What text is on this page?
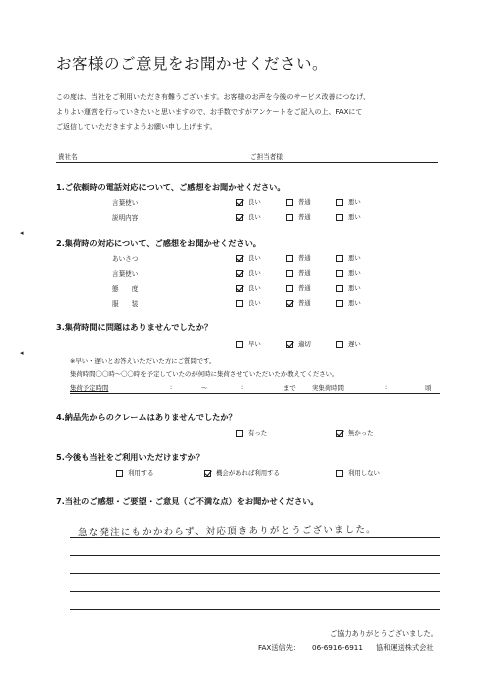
お客様のご意見をお聞かせください。
この度は、当社をご利用いただき有難うございます。お客様のお声を今後のサービス改善につなげ、
よりよい運営を行っていきたいと思いますので、お手数ですがアンケートをご記入の上、FAXにて
ご返信していただきますようお願い申し上げます。
貴社名	ご担当者様
1.ご依頼時の電話対応について、ご感想をお聞かせください。
言葉使い	良い	普通	悪い
説明内容	良い	普通	悪い
2.集荷時の対応について、ご感想をお聞かせください。
あいさつ	良い	普通	悪い
言葉使い	良い	普通	悪い
態　　度	良い	普通	悪い
服　　装	良い	普通	悪い
3.集荷時間に問題はありませんでしたか？
早い	適切	遅い
※早い・遅いとお答えいただいた方にご質問です。
集荷時間〇〇時～〇〇時を予定していたのが何時に集荷させていただいたか教えてください。
集荷予定時間	:	～	:	まで	実集荷時間	:	頃
4.納品先からのクレームはありませんでしたか？
有った	無かった
5.今後も当社をご利用いただけますか？
利用する	機会があれば利用する	利用しない
7.当社のご感想・ご要望・ご意見（ご不満な点）をお聞かせください。
急な発注にもかかわらず、対応頂きありがとうございました。
◂
◂
ご協力ありがとうございました。
FAX送信先： 06-6916-6911 協和運送株式会社
